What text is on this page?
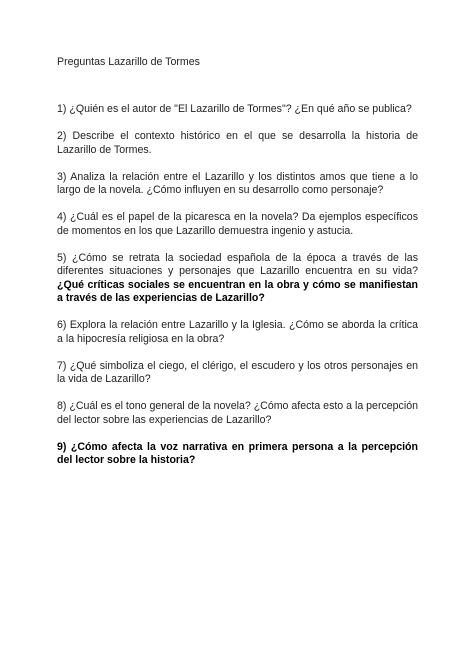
Preguntas Lazarillo de Tormes
1) ¿Quién es el autor de "El Lazarillo de Tormes"? ¿En qué año se publica?
2) Describe el contexto histórico en el que se desarrolla la historia de Lazarillo de Tormes.
3) Analiza la relación entre el Lazarillo y los distintos amos que tiene a lo largo de la novela. ¿Cómo influyen en su desarrollo como personaje?
4) ¿Cuál es el papel de la picaresca en la novela? Da ejemplos específicos de momentos en los que Lazarillo demuestra ingenio y astucia.
5) ¿Cómo se retrata la sociedad española de la época a través de las diferentes situaciones y personajes que Lazarillo encuentra en su vida? ¿Qué críticas sociales se encuentran en la obra y cómo se manifiestan a través de las experiencias de Lazarillo?
6) Explora la relación entre Lazarillo y la Iglesia. ¿Cómo se aborda la crítica a la hipocresía religiosa en la obra?
7) ¿Qué simboliza el ciego, el clérigo, el escudero y los otros personajes en la vida de Lazarillo?
8) ¿Cuál es el tono general de la novela? ¿Cómo afecta esto a la percepción del lector sobre las experiencias de Lazarillo?
9) ¿Cómo afecta la voz narrativa en primera persona a la percepción del lector sobre la historia?
